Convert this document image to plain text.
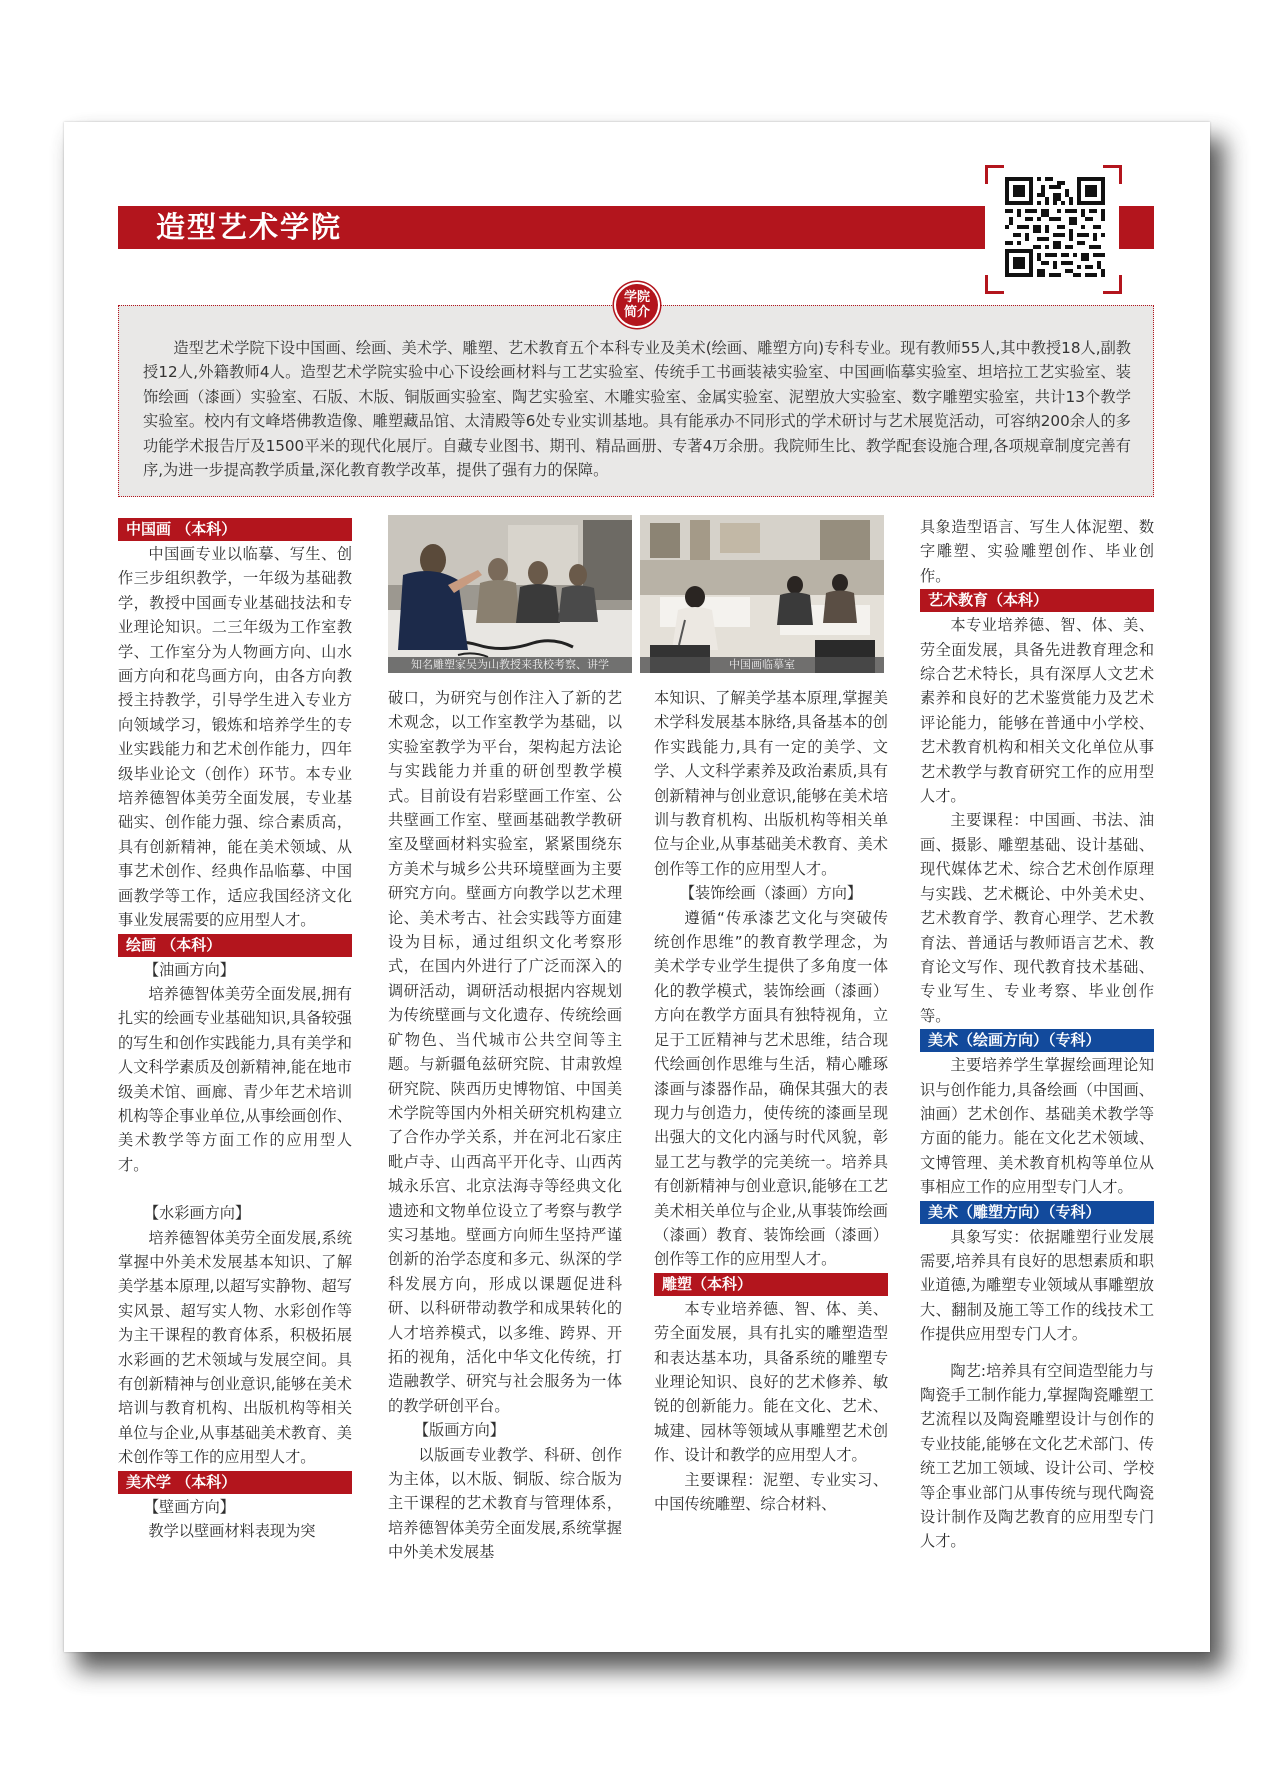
造型艺术学院
学院
简介

造型艺术学院下设中国画、绘画、美术学、雕塑、艺术教育五个本科专业及美术(绘画、雕塑方向)专科专业。现有教师55人,其中教授18人,副教授12人,外籍教师4人。造型艺术学院实验中心下设绘画材料与工艺实验室、传统手工书画装裱实验室、中国画临摹实验室、坦培拉工艺实验室、装饰绘画（漆画）实验室、石版、木版、铜版画实验室、陶艺实验室、木雕实验室、金属实验室、泥塑放大实验室、数字雕塑实验室，共计13个教学实验室。校内有文峰塔佛教造像、雕塑藏品馆、太清殿等6处专业实训基地。具有能承办不同形式的学术研讨与艺术展览活动，可容纳200余人的多功能学术报告厅及1500平米的现代化展厅。自藏专业图书、期刊、精品画册、专著4万余册。我院师生比、教学配套设施合理,各项规章制度完善有序,为进一步提高教学质量,深化教育教学改革，提供了强有力的保障。

知名雕塑家吴为山教授来我校考察、讲学	中国画临摹室
中国画 （本科）

中国画专业以临摹、写生、创作三步组织教学，一年级为基础教学，教授中国画专业基础技法和专业理论知识。二三年级为工作室教学、工作室分为人物画方向、山水画方向和花鸟画方向，由各方向教授主持教学，引导学生进入专业方向领域学习，锻炼和培养学生的专业实践能力和艺术创作能力，四年级毕业论文（创作）环节。本专业培养德智体美劳全面发展，专业基础实、创作能力强、综合素质高，具有创新精神，能在美术领域、从事艺术创作、经典作品临摹、中国画教学等工作，适应我国经济文化事业发展需要的应用型人才。

绘画 （本科）

【油画方向】

培养德智体美劳全面发展,拥有扎实的绘画专业基础知识,具备较强的写生和创作实践能力,具有美学和人文科学素质及创新精神,能在地市级美术馆、画廊、青少年艺术培训机构等企事业单位,从事绘画创作、美术教学等方面工作的应用型人才。

【水彩画方向】

培养德智体美劳全面发展,系统掌握中外美术发展基本知识、了解美学基本原理,以超写实静物、超写实风景、超写实人物、水彩创作等为主干课程的教育体系，积极拓展水彩画的艺术领域与发展空间。具有创新精神与创业意识,能够在美术培训与教育机构、出版机构等相关单位与企业,从事基础美术教育、美术创作等工作的应用型人才。

美术学 （本科）

【壁画方向】

教学以壁画材料表现为突

破口，为研究与创作注入了新的艺术观念，以工作室教学为基础，以实验室教学为平台，架构起方法论与实践能力并重的研创型教学模式。目前设有岩彩壁画工作室、公共壁画工作室、壁画基础教学教研室及壁画材料实验室，紧紧围绕东方美术与城乡公共环境壁画为主要研究方向。壁画方向教学以艺术理论、美术考古、社会实践等方面建设为目标，通过组织文化考察形式，在国内外进行了广泛而深入的调研活动，调研活动根据内容规划为传统壁画与文化遗存、传统绘画矿物色、当代城市公共空间等主题。与新疆龟兹研究院、甘肃敦煌研究院、陕西历史博物馆、中国美术学院等国内外相关研究机构建立了合作办学关系，并在河北石家庄毗卢寺、山西高平开化寺、山西芮城永乐宫、北京法海寺等经典文化遗迹和文物单位设立了考察与教学实习基地。壁画方向师生坚持严谨创新的治学态度和多元、纵深的学科发展方向，形成以课题促进科研、以科研带动教学和成果转化的人才培养模式，以多维、跨界、开拓的视角，活化中华文化传统，打造融教学、研究与社会服务为一体的教学研创平台。

【版画方向】

以版画专业教学、科研、创作为主体，以木版、铜版、综合版为主干课程的艺术教育与管理体系，培养德智体美劳全面发展,系统掌握中外美术发展基

本知识、了解美学基本原理,掌握美术学科发展基本脉络,具备基本的创作实践能力,具有一定的美学、文学、人文科学素养及政治素质,具有创新精神与创业意识,能够在美术培训与教育机构、出版机构等相关单位与企业,从事基础美术教育、美术创作等工作的应用型人才。

【装饰绘画（漆画）方向】

遵循“传承漆艺文化与突破传统创作思维”的教育教学理念，为美术学专业学生提供了多角度一体化的教学模式，装饰绘画（漆画）方向在教学方面具有独特视角，立足于工匠精神与艺术思维，结合现代绘画创作思维与生活，精心雕琢漆画与漆器作品，确保其强大的表现力与创造力，使传统的漆画呈现出强大的文化内涵与时代风貌，彰显工艺与教学的完美统一。培养具有创新精神与创业意识,能够在工艺美术相关单位与企业,从事装饰绘画（漆画）教育、装饰绘画（漆画）创作等工作的应用型人才。

雕塑（本科）

本专业培养德、智、体、美、劳全面发展，具有扎实的雕塑造型和表达基本功，具备系统的雕塑专业理论知识、良好的艺术修养、敏锐的创新能力。能在文化、艺术、城建、园林等领域从事雕塑艺术创作、设计和教学的应用型人才。

主要课程：泥塑、专业实习、中国传统雕塑、综合材料、

具象造型语言、写生人体泥塑、数字雕塑、实验雕塑创作、毕业创作。

艺术教育（本科）

本专业培养德、智、体、美、劳全面发展，具备先进教育理念和综合艺术特长，具有深厚人文艺术素养和良好的艺术鉴赏能力及艺术评论能力，能够在普通中小学校、艺术教育机构和相关文化单位从事艺术教学与教育研究工作的应用型人才。

主要课程：中国画、书法、油画、摄影、雕塑基础、设计基础、现代媒体艺术、综合艺术创作原理与实践、艺术概论、中外美术史、艺术教育学、教育心理学、艺术教育法、普通话与教师语言艺术、教育论文写作、现代教育技术基础、专业写生、专业考察、毕业创作等。

美术（绘画方向）（专科）

主要培养学生掌握绘画理论知识与创作能力,具备绘画（中国画、油画）艺术创作、基础美术教学等方面的能力。能在文化艺术领域、文博管理、美术教育机构等单位从事相应工作的应用型专门人才。

美术（雕塑方向）（专科）

具象写实：依据雕塑行业发展需要,培养具有良好的思想素质和职业道德,为雕塑专业领域从事雕塑放大、翻制及施工等工作的线技术工作提供应用型专门人才。

陶艺:培养具有空间造型能力与陶瓷手工制作能力,掌握陶瓷雕塑工艺流程以及陶瓷雕塑设计与创作的专业技能,能够在文化艺术部门、传统工艺加工领域、设计公司、学校等企事业部门从事传统与现代陶瓷设计制作及陶艺教育的应用型专门人才。
